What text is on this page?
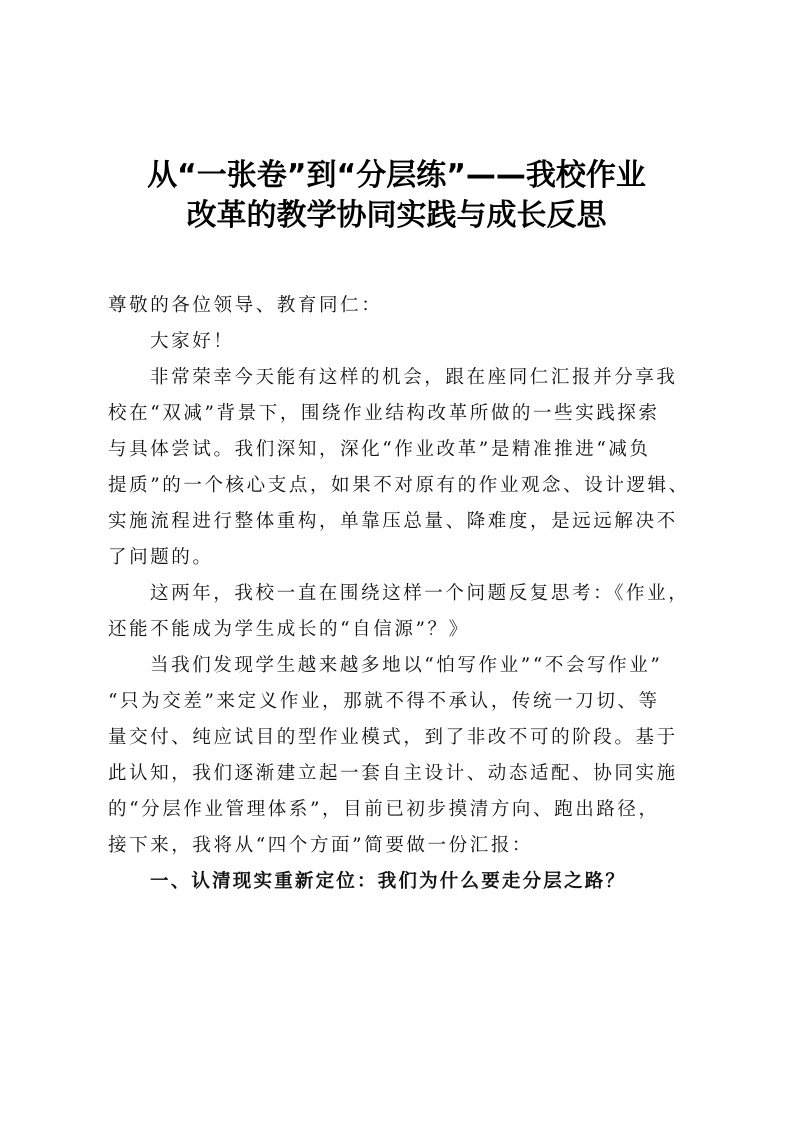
从“一张卷”到“分层练”——我校作业
改革的教学协同实践与成长反思

尊敬的各位领导、教育同仁：

大家好！

非常荣幸今天能有这样的机会，跟在座同仁汇报并分享我
校在“双减”背景下，围绕作业结构改革所做的一些实践探索
与具体尝试。我们深知，深化“作业改革”是精准推进“减负
提质”的一个核心支点，如果不对原有的作业观念、设计逻辑、
实施流程进行整体重构，单靠压总量、降难度，是远远解决不
了问题的。

这两年，我校一直在围绕这样一个问题反复思考：《作业，
还能不能成为学生成长的“自信源”？》

当我们发现学生越来越多地以“怕写作业”“不会写作业”
“只为交差”来定义作业，那就不得不承认，传统一刀切、等
量交付、纯应试目的型作业模式，到了非改不可的阶段。基于
此认知，我们逐渐建立起一套自主设计、动态适配、协同实施
的“分层作业管理体系”，目前已初步摸清方向、跑出路径，
接下来，我将从“四个方面”简要做一份汇报：

一、认清现实重新定位：我们为什么要走分层之路？
